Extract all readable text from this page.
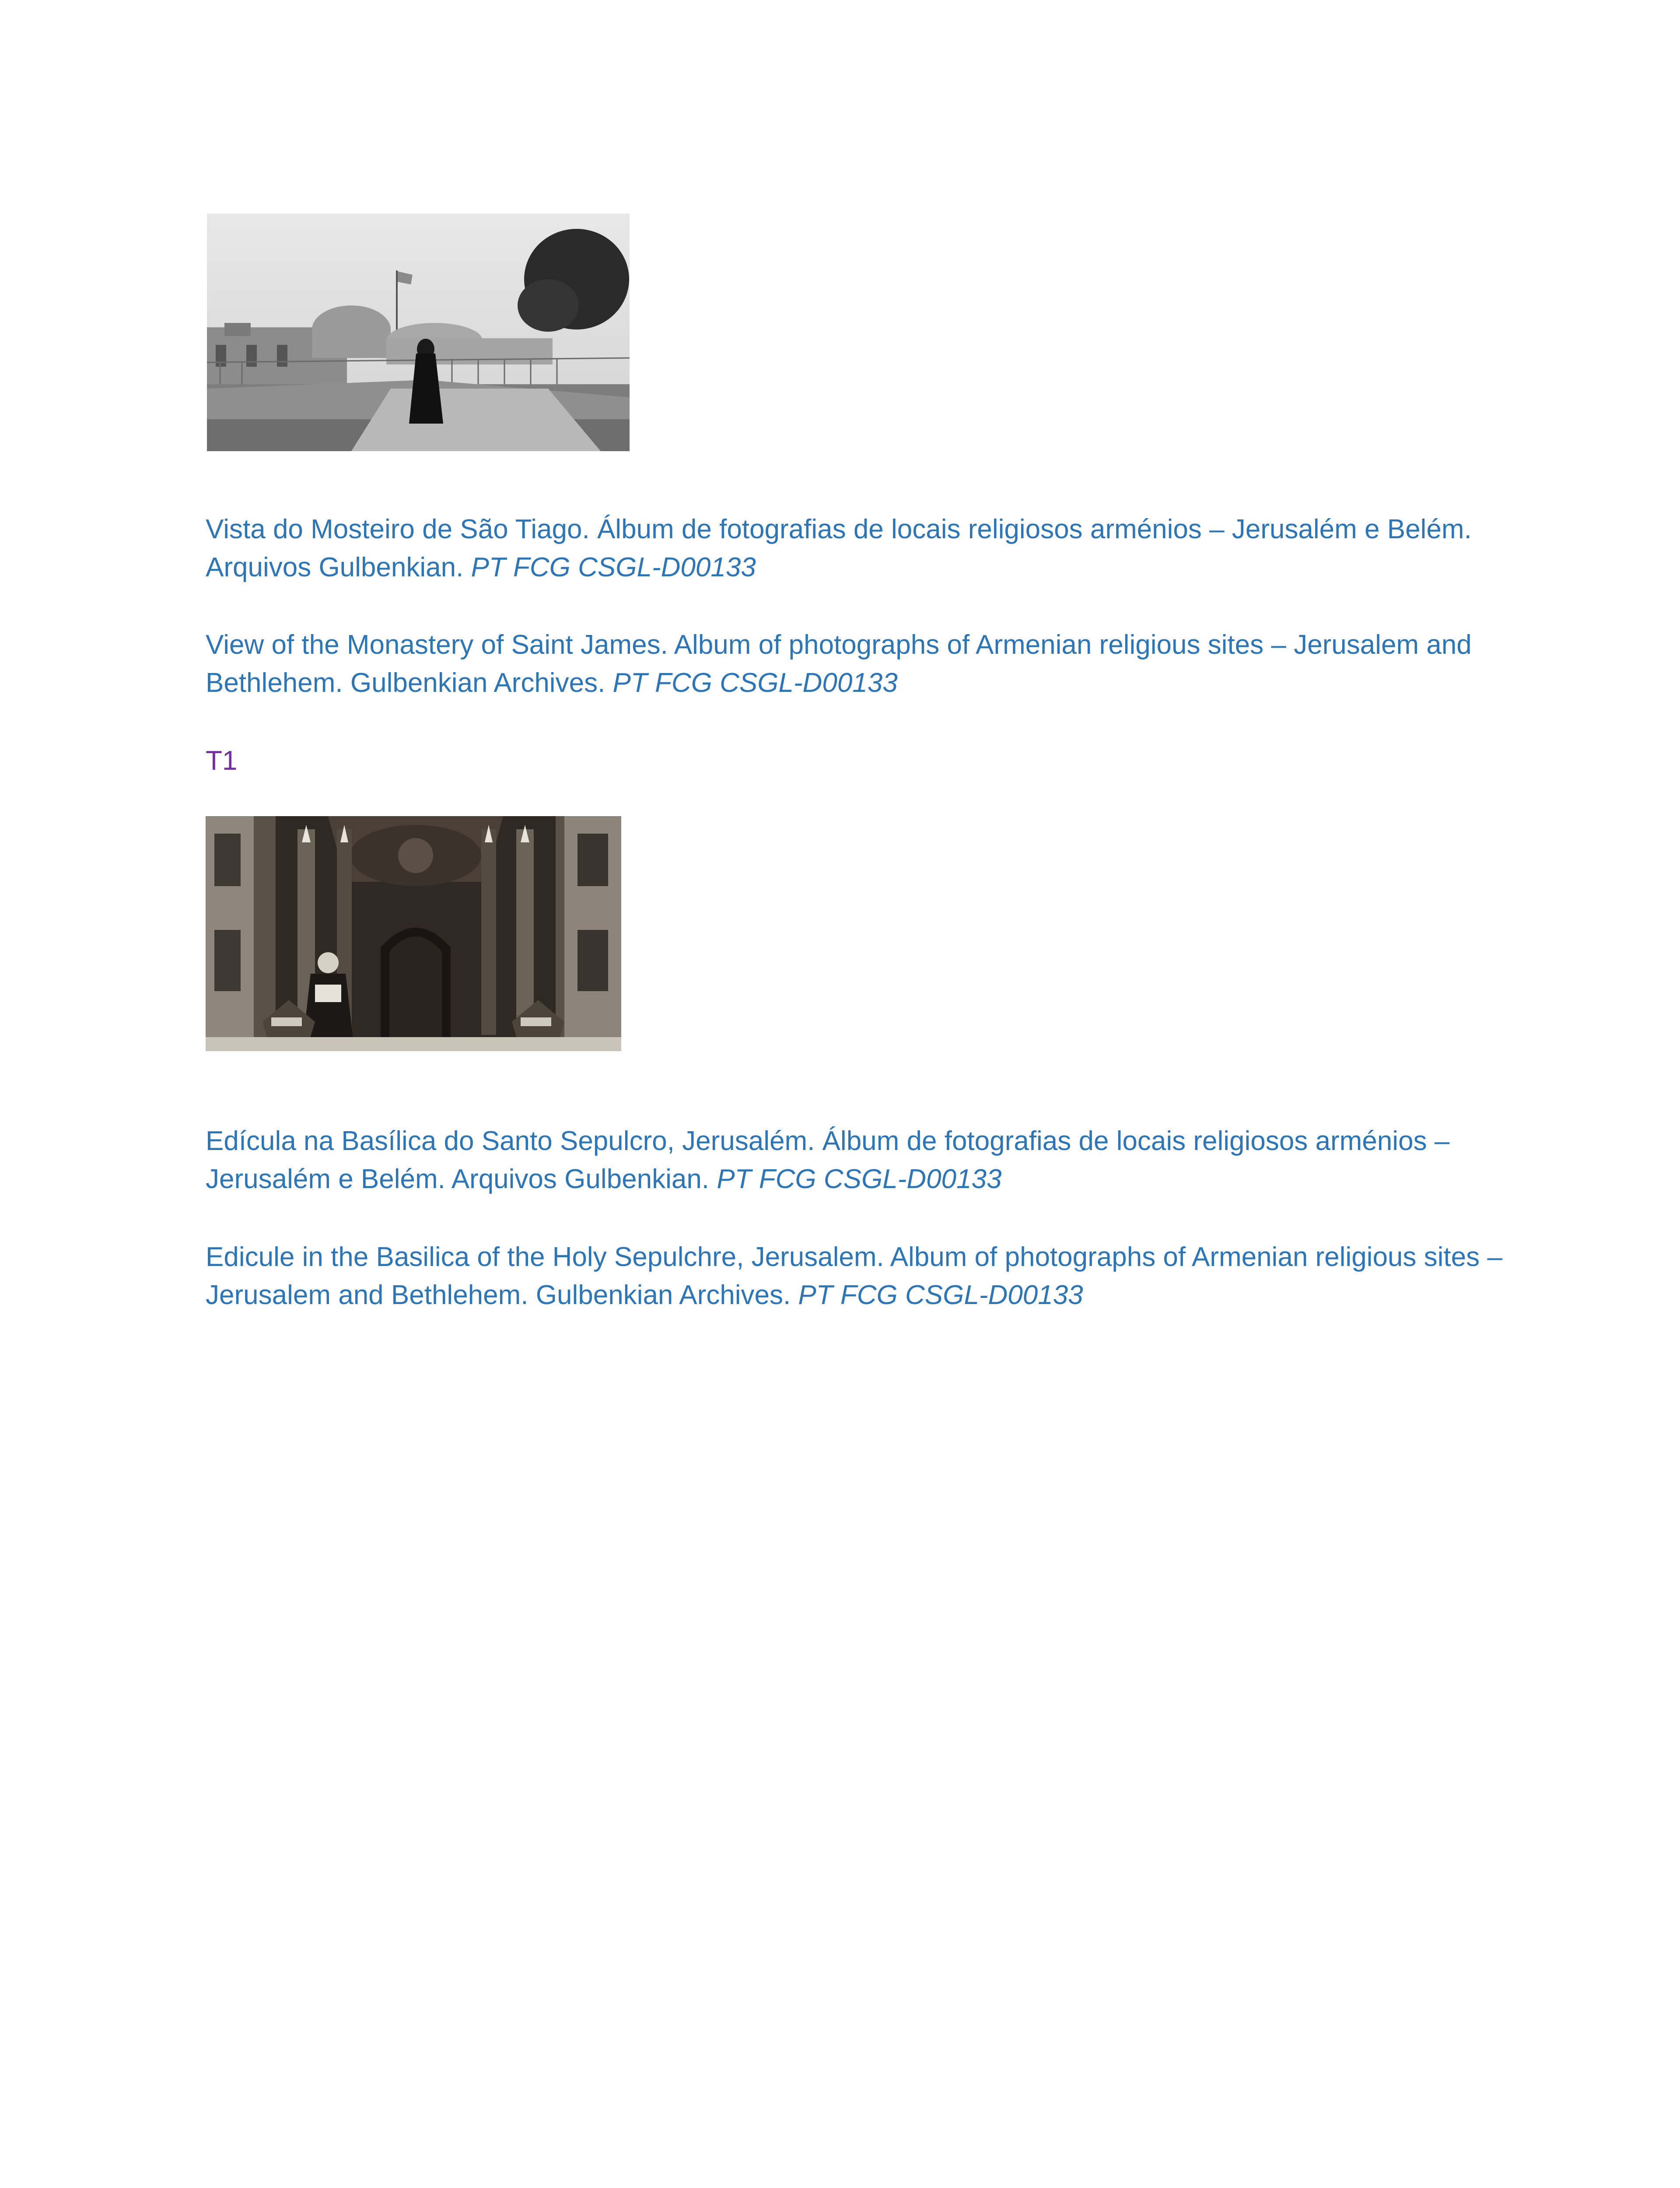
Vista do Mosteiro de São Tiago. Álbum de fotografias de locais religiosos arménios – Jerusalém e Belém. Arquivos Gulbenkian. PT FCG CSGL-D00133

View of the Monastery of Saint James. Album of photographs of Armenian religious sites – Jerusalem and Bethlehem. Gulbenkian Archives. PT FCG CSGL-D00133

T1

Edícula na Basílica do Santo Sepulcro, Jerusalém. Álbum de fotografias de locais religiosos arménios – Jerusalém e Belém. Arquivos Gulbenkian. PT FCG CSGL-D00133

Edicule in the Basilica of the Holy Sepulchre, Jerusalem. Album of photographs of Armenian religious sites – Jerusalem and Bethlehem. Gulbenkian Archives. PT FCG CSGL-D00133
